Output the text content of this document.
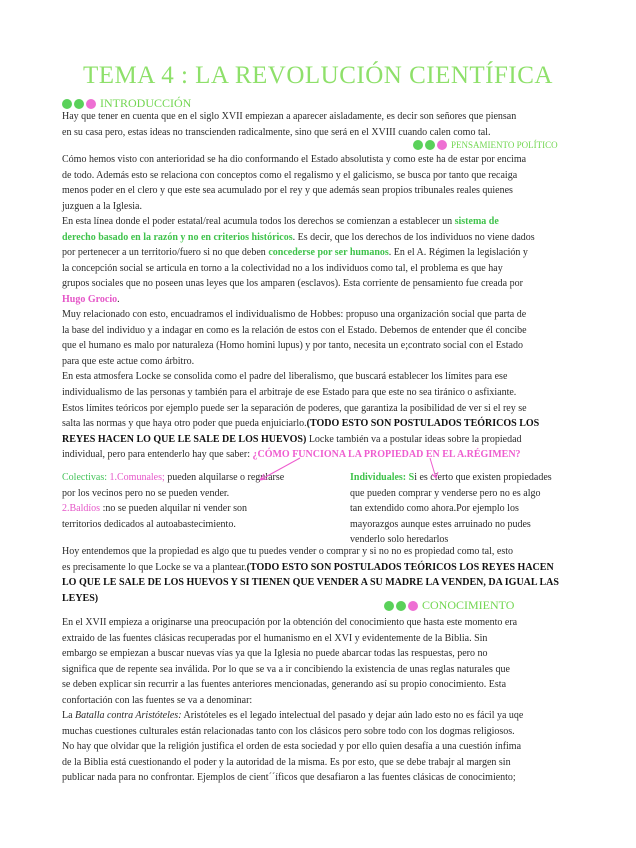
TEMA 4 : LA REVOLUCIÓN CIENTÍFICA
INTRODUCCIÓN
Hay que tener en cuenta que en el siglo XVII empiezan a aparecer aisladamente, es decir son señores que piensan
en su casa pero, estas ideas no transcienden radicalmente, sino que será en el XVIII cuando calen como tal.
PENSAMIENTO POLÍTICO
Cómo hemos visto con anterioridad se ha dio conformando el Estado absolutista y como este ha de estar por encima
de todo. Además esto se relaciona con conceptos como el regalismo y el galicismo, se busca por tanto que recaiga
menos poder en el clero y que este sea acumulado por el rey y que además sean propios tribunales reales quienes
juzguen a la Iglesia.
En esta línea donde el poder estatal/real acumula todos los derechos se comienzan a establecer un sistema de
derecho basado en la razón y no en criterios históricos. Es decir, que los derechos de los individuos no viene dados
por pertenecer a un territorio/fuero si no que deben concederse por ser humanos. En el A. Régimen la legislación y
la concepción social se articula en torno a la colectividad no a los individuos como tal, el problema es que hay
grupos sociales que no poseen unas leyes que los amparen (esclavos). Esta corriente de pensamiento fue creada por
Hugo Grocio.
Muy relacionado con esto, encuadramos el individualismo de Hobbes: propuso una organización social que parta de
la base del individuo y a indagar en como es la relación de estos con el Estado. Debemos de entender que él concibe
que el humano es malo por naturaleza (Homo homini lupus) y por tanto, necesita un e;contrato social con el Estado
para que este actue como árbitro.
En esta atmosfera Locke se consolida como el padre del liberalismo, que buscará establecer los límites para ese
individualismo de las personas y también para el arbitraje de ese Estado para que este no sea tiránico o asfixiante.
Estos límites teóricos por ejemplo puede ser la separación de poderes, que garantiza la posibilidad de ver si el rey se
salta las normas y que haya otro poder que pueda enjuiciarlo.(TODO ESTO SON POSTULADOS TEÓRICOS LOS
REYES HACEN LO QUE LE SALE DE LOS HUEVOS) Locke también va a postular ideas sobre la propiedad
individual, pero para entenderlo hay que saber: ¿CÓMO FUNCIONA LA PROPIEDAD EN EL A.RÉGIMEN?
Colectivas: 1.Comunales; pueden alquilarse o regularse
por los vecinos pero no se pueden vender.
2.Baldíos :no se pueden alquilar ni vender son
territorios dedicados al autoabastecimiento.
Individuales: Si es cierto que existen propiedades
que pueden comprar y venderse pero no es algo
tan extendido como ahora.Por ejemplo los
mayorazgos aunque estes arruinado no pudes
venderlo solo heredarlos
Hoy entendemos que la propiedad es algo que tu puedes vender o comprar y si no no es propiedad como tal, esto
es precisamente lo que Locke se va a plantear.(TODO ESTO SON POSTULADOS TEÓRICOS LOS REYES HACEN
LO QUE LE SALE DE LOS HUEVOS Y SI TIENEN QUE VENDER A SU MADRE LA VENDEN, DA IGUAL LAS
LEYES)	CONOCIMIENTO
En el XVII empieza a originarse una preocupación por la obtención del conocimiento que hasta este momento era
extraido de las fuentes clásicas recuperadas por el humanismo en el XVI y evidentemente de la Biblia. Sin
embargo se empiezan a buscar nuevas vías ya que la Iglesia no puede abarcar todas las respuestas, pero no
significa que de repente sea inválida. Por lo que se va a ir concibiendo la existencia de unas reglas naturales que
se deben explicar sin recurrir a las fuentes anteriores mencionadas, generando así su propio conocimiento. Esta
confortación con las fuentes se va a denominar:
La Batalla contra Aristóteles: Aristóteles es el legado intelectual del pasado y dejar aún lado esto no es fácil ya uqe
muchas cuestiones culturales están relacionadas tanto con los clásicos pero sobre todo con los dogmas religiosos.
No hay que olvidar que la religión justifica el orden de esta sociedad y por ello quien desafía a una cuestión ínfima
de la Biblia está cuestionando el poder y la autoridad de la misma. Es por esto, que se debe trabajr al margen sin
publicar nada para no confrontar. Ejemplos de cient´´íficos que desafiaron a las fuentes clásicas de conocimiento;
